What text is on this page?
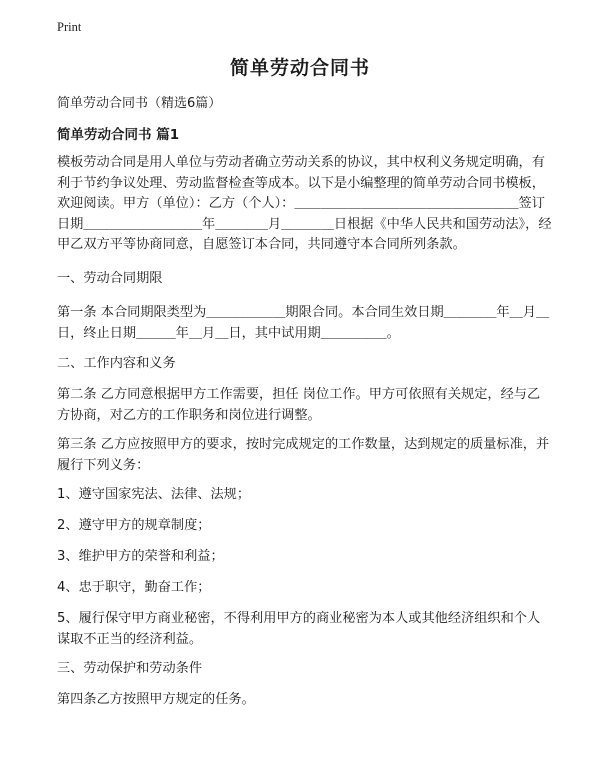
Print
简单劳动合同书
简单劳动合同书（精选6篇）
简单劳动合同书 篇1
模板劳动合同是用人单位与劳动者确立劳动关系的协议，其中权利义务规定明确，有利于节约争议处理、劳动监督检查等成本。以下是小编整理的简单劳动合同书模板，欢迎阅读。甲方（单位）：乙方（个人）：＿＿＿＿＿＿＿＿＿＿＿＿＿＿＿＿＿签订日期＿＿＿＿＿＿＿＿＿年＿＿＿＿月＿＿＿＿日根据《中华人民共和国劳动法》，经甲乙双方平等协商同意，自愿签订本合同，共同遵守本合同所列条款。
一、劳动合同期限
第一条 本合同期限类型为＿＿＿＿＿＿期限合同。本合同生效日期＿＿＿＿年＿月＿日，终止日期＿＿＿年＿月＿日，其中试用期＿＿＿＿＿。
二、工作内容和义务
第二条 乙方同意根据甲方工作需要，担任 岗位工作。甲方可依照有关规定，经与乙方协商，对乙方的工作职务和岗位进行调整。
第三条 乙方应按照甲方的要求，按时完成规定的工作数量，达到规定的质量标准，并履行下列义务：
1、遵守国家宪法、法律、法规；
2、遵守甲方的规章制度；
3、维护甲方的荣誉和利益；
4、忠于职守，勤奋工作；
5、履行保守甲方商业秘密，不得利用甲方的商业秘密为本人或其他经济组织和个人谋取不正当的经济利益。
三、劳动保护和劳动条件
第四条乙方按照甲方规定的任务。
